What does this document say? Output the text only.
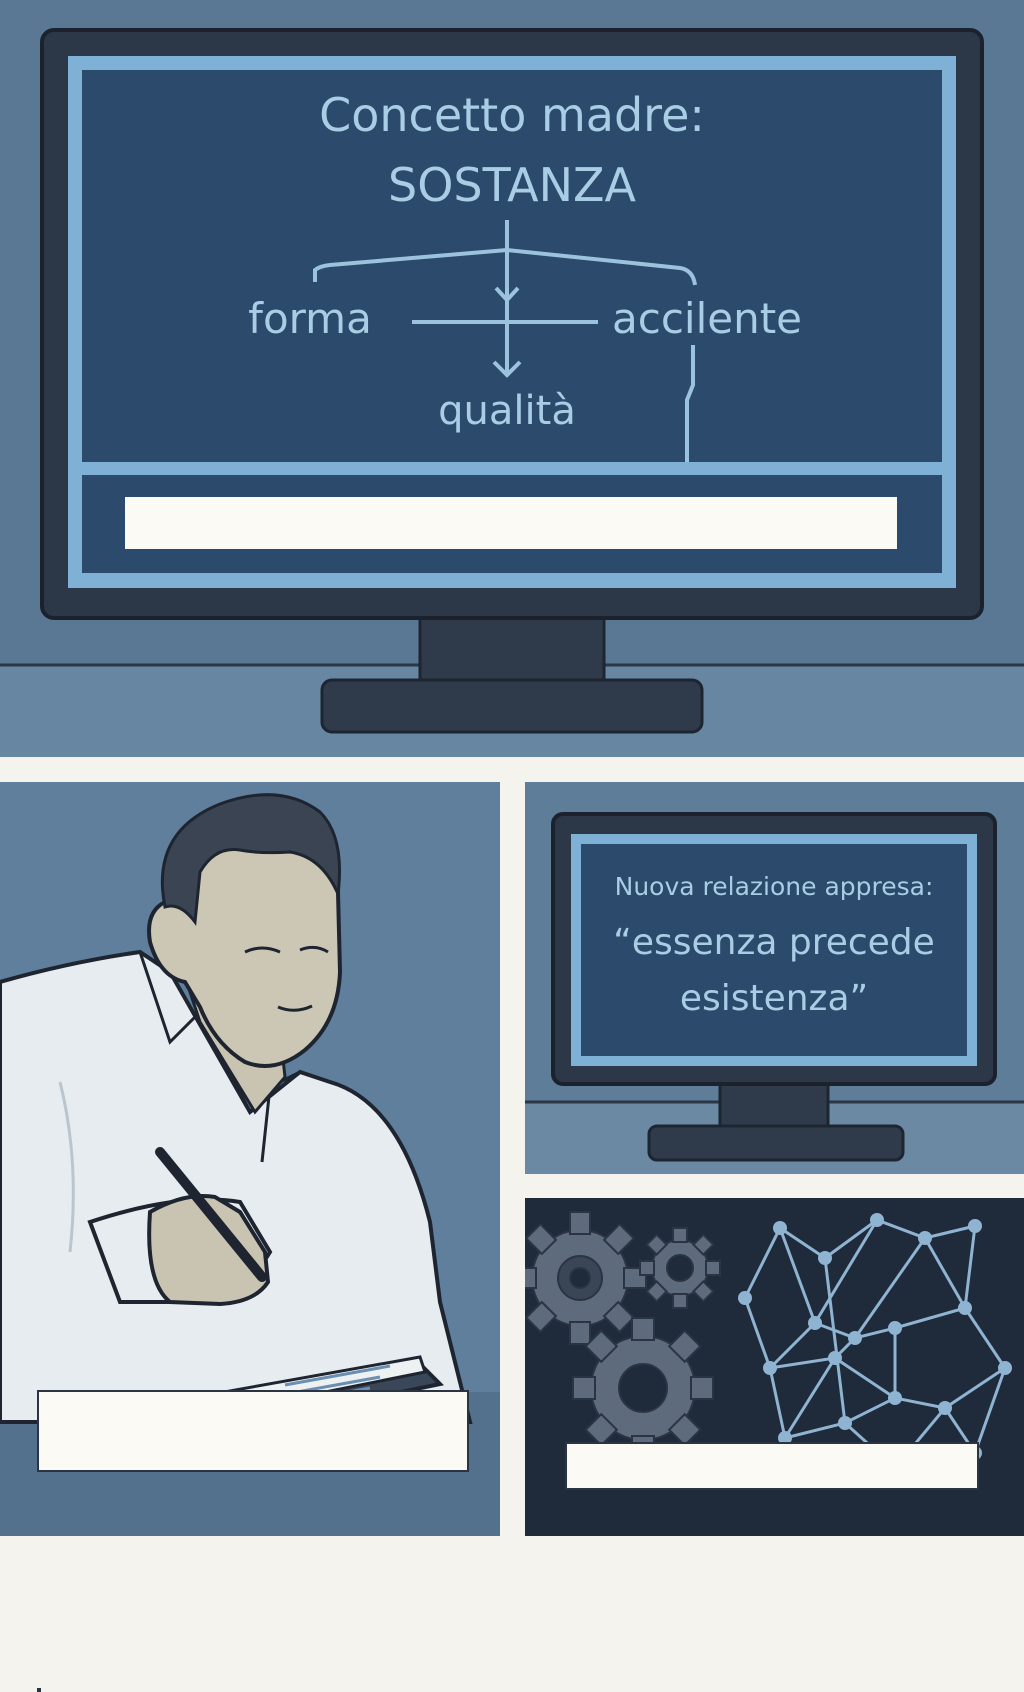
Concetto madre:
SOSTANZA
forma	accilente
qualità
Nuova relazione appresa:
“essenza precede
esistenza”
